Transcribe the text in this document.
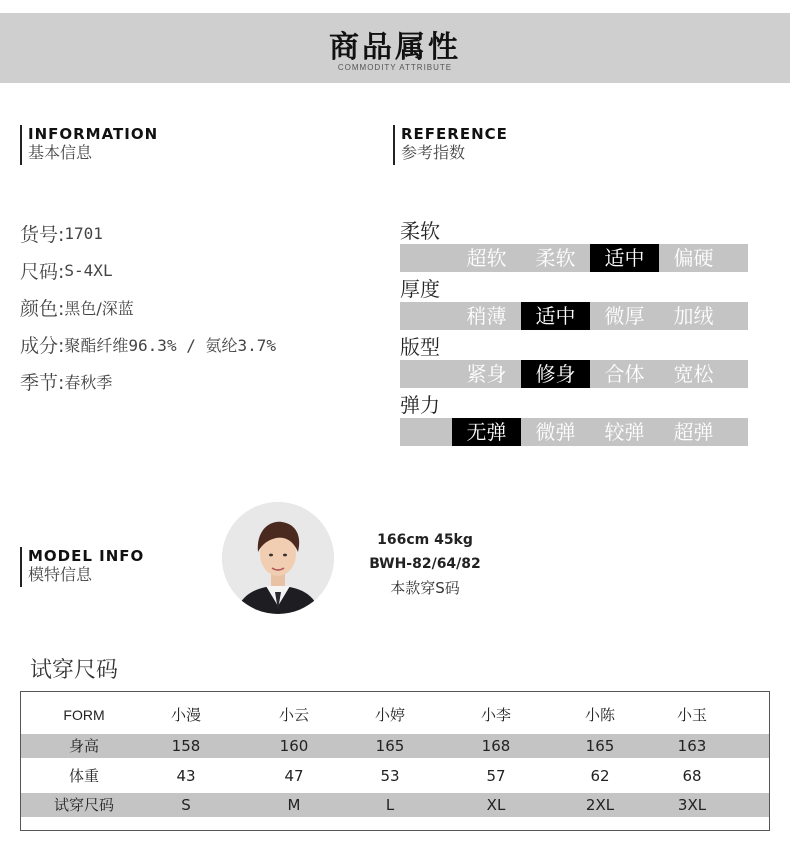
商品属性
COMMODITY ATTRIBUTE
INFORMATION
基本信息
REFERENCE
参考指数
货号: 1701
尺码: S-4XL
颜色: 黑色/深蓝
成分: 聚酯纤维96.3% / 氨纶3.7%
季节: 春秋季
柔软
超软	柔软	适中	偏硬
厚度
稍薄	适中	微厚	加绒
版型
紧身	修身	合体	宽松
弹力
无弹	微弹	较弹	超弹
MODEL INFO
模特信息
166cm 45kg
BWH-82/64/82
本款穿S码
试穿尺码
FORM	小漫	小云	小婷	小李	小陈	小玉
身高	158	160	165	168	165	163
体重	43	47	53	57	62	68
试穿尺码	S	M	L	XL	2XL	3XL
